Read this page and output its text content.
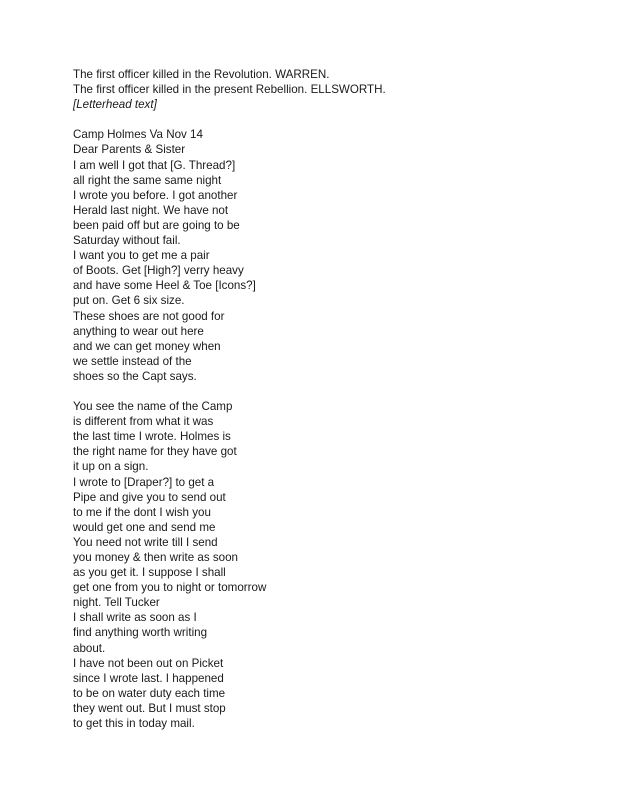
The first officer killed in the Revolution. WARREN.
The first officer killed in the present Rebellion. ELLSWORTH.
[Letterhead text]
Camp Holmes Va Nov 14
Dear Parents & Sister
I am well I got that [G. Thread?]
all right the same same night
I wrote you before. I got another
Herald last night. We have not
been paid off but are going to be
Saturday without fail.
I want you to get me a pair
of Boots. Get [High?] verry heavy
and have some Heel & Toe [Icons?]
put on. Get 6 six size.
These shoes are not good for
anything to wear out here
and we can get money when
we settle instead of the
shoes so the Capt says.
You see the name of the Camp
is different from what it was
the last time I wrote. Holmes is
the right name for they have got
it up on a sign.
I wrote to [Draper?] to get a
Pipe and give you to send out
to me if the dont I wish you
would get one and send me
You need not write till I send
you money & then write as soon
as you get it. I suppose I shall
get one from you to night or tomorrow
night. Tell Tucker
I shall write as soon as I
find anything worth writing
about.
I have not been out on Picket
since I wrote last. I happened
to be on water duty each time
they went out. But I must stop
to get this in today mail.
